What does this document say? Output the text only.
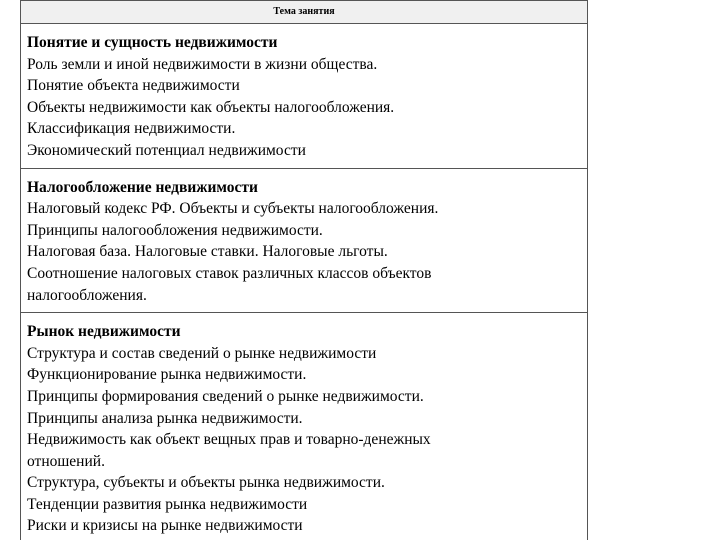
Тема занятия

Понятие и сущность недвижимости
Роль земли и иной недвижимости в жизни общества.
Понятие объекта недвижимости
Объекты недвижимости как объекты налогообложения.
Классификация недвижимости.
Экономический потенциал недвижимости

Налогообложение недвижимости
Налоговый кодекс РФ. Объекты и субъекты налогообложения.
Принципы налогообложения недвижимости.
Налоговая база. Налоговые ставки. Налоговые льготы.
Соотношение налоговых ставок различных классов объектов
налогообложения.

Рынок недвижимости
Структура и состав сведений о рынке недвижимости
Функционирование рынка недвижимости.
Принципы формирования сведений о рынке недвижимости.
Принципы анализа рынка недвижимости.
Недвижимость как объект вещных прав и товарно-денежных
отношений.
Структура, субъекты и объекты рынка недвижимости.
Тенденции развития рынка недвижимости
Риски и кризисы на рынке недвижимости
